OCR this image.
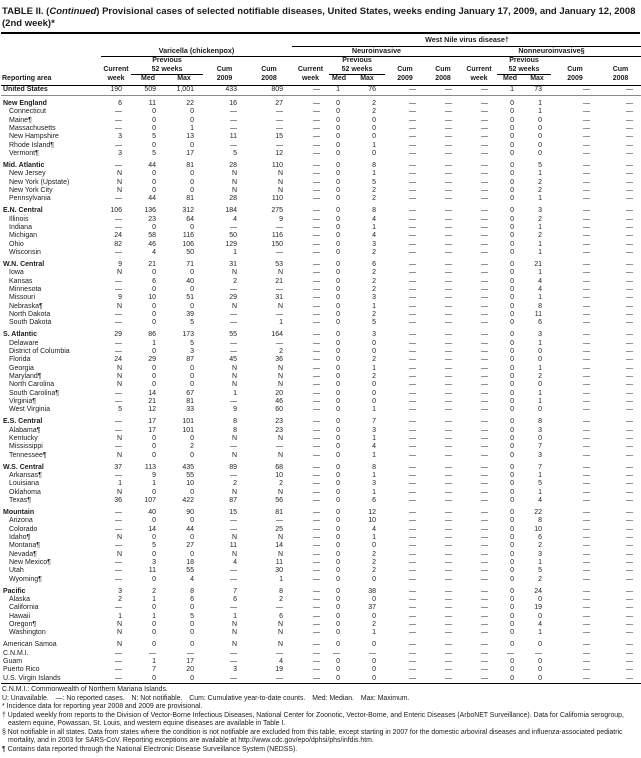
TABLE II. (Continued) Provisional cases of selected notifiable diseases, United States, weeks ending January 17, 2009, and January 12, 2008 (2nd week)*
						West Nile virus disease†									
	Varicella (chickenpox)					Neuroinvasive					Nonneuroinvasive§				
		Previous					Previous					Previous			
	Current	52 weeks		Cum	Cum	Current	52 weeks		Cum	Cum	Current	52 weeks		Cum	Cum
Reporting area	week	Med	Max	2009	2008	week	Med	Max	2009	2008	week	Med	Max	2009	2008
United States	190	509	1,001	433	809	—	1	76	—	—	—	1	73	—	—
New England	6	11	22	16	27	—	0	2	—	—	—	0	1	—	—
Connecticut	—	0	0	—	—	—	0	2	—	—	—	0	1	—	—
Maine¶	—	0	0	—	—	—	0	0	—	—	—	0	0	—	—
Massachusetts	—	0	1	—	—	—	0	0	—	—	—	0	0	—	—
New Hampshire	3	5	13	11	15	—	0	0	—	—	—	0	0	—	—
Rhode Island¶	—	0	0	—	—	—	0	1	—	—	—	0	0	—	—
Vermont¶	3	5	17	5	12	—	0	0	—	—	—	0	0	—	—
Mid. Atlantic	—	44	81	28	110	—	0	8	—	—	—	0	5	—	—
New Jersey	N	0	0	N	N	—	0	1	—	—	—	0	1	—	—
New York (Upstate)	N	0	0	N	N	—	0	5	—	—	—	0	2	—	—
New York City	N	0	0	N	N	—	0	2	—	—	—	0	2	—	—
Pennsylvania	—	44	81	28	110	—	0	2	—	—	—	0	1	—	—
E.N. Central	106	136	312	184	275	—	0	8	—	—	—	0	3	—	—
Illinois	—	23	64	4	9	—	0	4	—	—	—	0	2	—	—
Indiana	—	0	0	—	—	—	0	1	—	—	—	0	1	—	—
Michigan	24	58	116	50	116	—	0	4	—	—	—	0	2	—	—
Ohio	82	46	106	129	150	—	0	3	—	—	—	0	1	—	—
Wisconsin	—	4	50	1	—	—	0	2	—	—	—	0	1	—	—
W.N. Central	9	21	71	31	53	—	0	6	—	—	—	0	21	—	—
Iowa	N	0	0	N	N	—	0	2	—	—	—	0	1	—	—
Kansas	—	6	40	2	21	—	0	2	—	—	—	0	4	—	—
Minnesota	—	0	0	—	—	—	0	2	—	—	—	0	4	—	—
Missouri	9	10	51	29	31	—	0	3	—	—	—	0	1	—	—
Nebraska¶	N	0	0	N	N	—	0	1	—	—	—	0	8	—	—
North Dakota	—	0	39	—	—	—	0	2	—	—	—	0	11	—	—
South Dakota	—	0	5	—	1	—	0	5	—	—	—	0	6	—	—
S. Atlantic	29	86	173	55	164	—	0	3	—	—	—	0	3	—	—
Delaware	—	1	5	—	—	—	0	0	—	—	—	0	1	—	—
District of Columbia	—	0	3	—	2	—	0	0	—	—	—	0	0	—	—
Florida	24	29	87	45	36	—	0	2	—	—	—	0	0	—	—
Georgia	N	0	0	N	N	—	0	1	—	—	—	0	1	—	—
Maryland¶	N	0	0	N	N	—	0	2	—	—	—	0	2	—	—
North Carolina	N	0	0	N	N	—	0	0	—	—	—	0	0	—	—
South Carolina¶	—	14	67	1	20	—	0	0	—	—	—	0	1	—	—
Virginia¶	—	21	81	—	46	—	0	0	—	—	—	0	1	—	—
West Virginia	5	12	33	9	60	—	0	1	—	—	—	0	0	—	—
E.S. Central	—	17	101	8	23	—	0	7	—	—	—	0	8	—	—
Alabama¶	—	17	101	8	23	—	0	3	—	—	—	0	3	—	—
Kentucky	N	0	0	N	N	—	0	1	—	—	—	0	0	—	—
Mississippi	—	0	2	—	—	—	0	4	—	—	—	0	7	—	—
Tennessee¶	N	0	0	N	N	—	0	1	—	—	—	0	3	—	—
W.S. Central	37	113	435	89	68	—	0	8	—	—	—	0	7	—	—
Arkansas¶	—	9	55	—	10	—	0	1	—	—	—	0	1	—	—
Louisiana	1	1	10	2	2	—	0	3	—	—	—	0	5	—	—
Oklahoma	N	0	0	N	N	—	0	1	—	—	—	0	1	—	—
Texas¶	36	107	422	87	56	—	0	6	—	—	—	0	4	—	—
Mountain	—	40	90	15	81	—	0	12	—	—	—	0	22	—	—
Arizona	—	0	0	—	—	—	0	10	—	—	—	0	8	—	—
Colorado	—	14	44	—	25	—	0	4	—	—	—	0	10	—	—
Idaho¶	N	0	0	N	N	—	0	1	—	—	—	0	6	—	—
Montana¶	—	5	27	11	14	—	0	0	—	—	—	0	2	—	—
Nevada¶	N	0	0	N	N	—	0	2	—	—	—	0	3	—	—
New Mexico¶	—	3	18	4	11	—	0	2	—	—	—	0	1	—	—
Utah	—	11	55	—	30	—	0	2	—	—	—	0	5	—	—
Wyoming¶	—	0	4	—	1	—	0	0	—	—	—	0	2	—	—
Pacific	3	2	8	7	8	—	0	38	—	—	—	0	24	—	—
Alaska	2	1	6	6	2	—	0	0	—	—	—	0	0	—	—
California	—	0	0	—	—	—	0	37	—	—	—	0	19	—	—
Hawaii	1	1	5	1	6	—	0	0	—	—	—	0	0	—	—
Oregon¶	N	0	0	N	N	—	0	2	—	—	—	0	4	—	—
Washington	N	0	0	N	N	—	0	1	—	—	—	0	1	—	—
American Samoa	N	0	0	N	N	—	0	0	—	—	—	0	0	—	—
C.N.M.I.	—	—	—	—	—	—	—	—	—	—	—	—	—	—	—
Guam	—	1	17	—	4	—	0	0	—	—	—	0	0	—	—
Puerto Rico	—	7	20	3	19	—	0	0	—	—	—	0	0	—	—
U.S. Virgin Islands	—	0	0	—	—	—	0	0	—	—	—	0	0	—	—
C.N.M.I.: Commonwealth of Northern Mariana Islands.
U: Unavailable. —: No reported cases. N: Not notifiable. Cum: Cumulative year-to-date counts. Med: Median. Max: Maximum.
* Incidence data for reporting year 2008 and 2009 are provisional.
† Updated weekly from reports to the Division of Vector-Borne Infectious Diseases, National Center for Zoonotic, Vector-Borne, and Enteric Diseases (ArboNET Surveillance). Data for California serogroup, eastern equine, Powassan, St. Louis, and western equine diseases are available in Table I.
§ Not notifiable in all states. Data from states where the condition is not notifiable are excluded from this table, except starting in 2007 for the domestic arboviral diseases and influenza-associated pediatric mortality, and in 2003 for SARS-CoV. Reporting exceptions are available at http://www.cdc.gov/epo/dphsi/phs/infdis.htm.
¶ Contains data reported through the National Electronic Disease Surveillance System (NEDSS).
